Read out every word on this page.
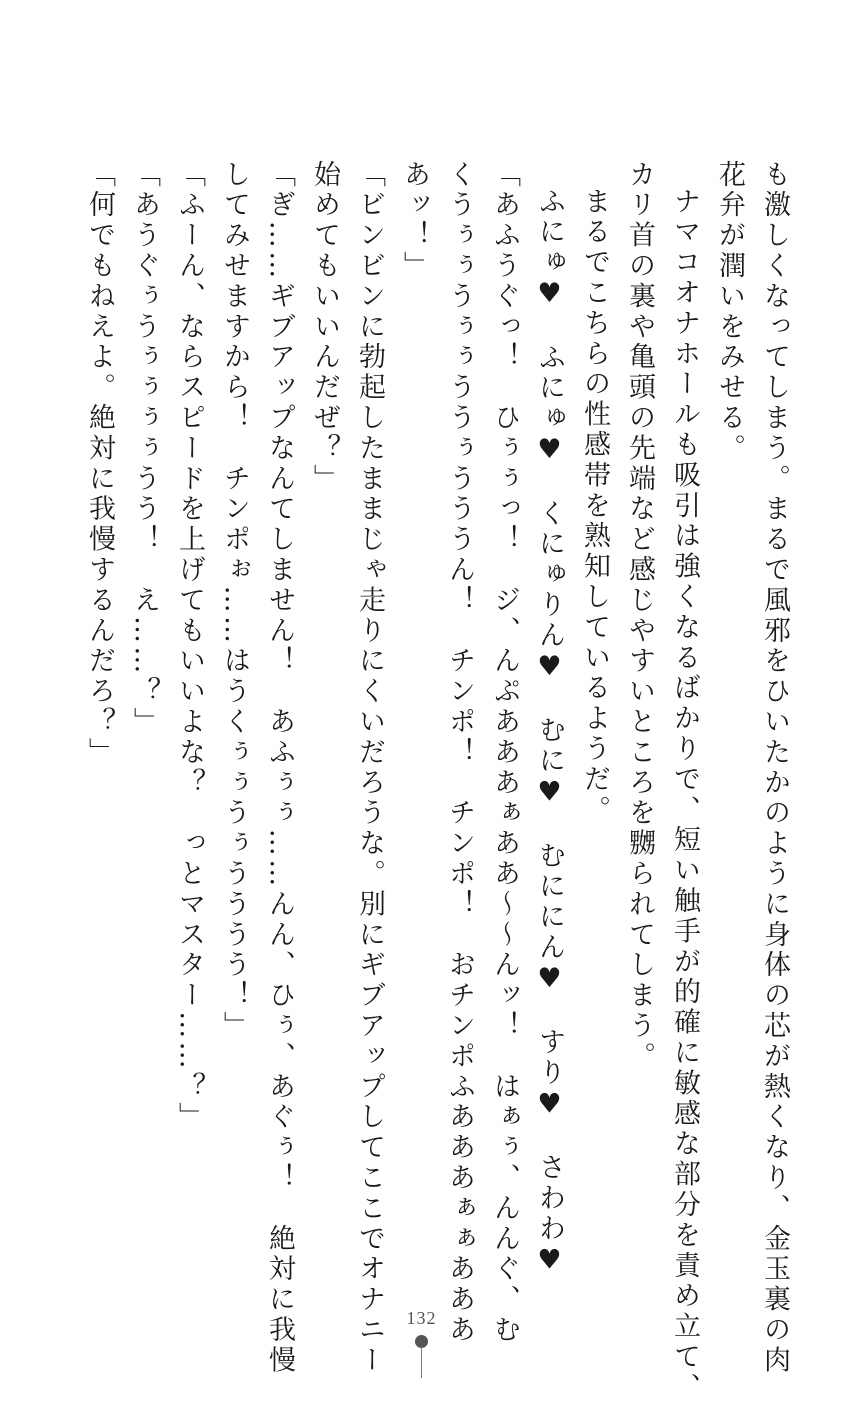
も激しくなってしまう。まるで風邪をひいたかのように身体の芯が熱くなり、金玉裏の肉
花弁が潤いをみせる。
ナマコオナホールも吸引は強くなるばかりで、短い触手が的確に敏感な部分を責め立て、
カリ首の裏や亀頭の先端など感じやすいところを嬲られてしまう。
まるでこちらの性感帯を熟知しているようだ。
ふにゅ♥　ふにゅ♥　くにゅりん♥　むに♥　むににん♥　すり♥　さわわ♥
「あふうぐっ！　ひぅぅっ！　ジ、んぷあああぁああ〜〜んッ！　はぁぅ、んんぐ、む
くうぅぅうぅぅううぅうううん！　チンポ！　チンポ！　おチンポふあああぁぁあああ
あッ！」
「ビンビンに勃起したままじゃ走りにくいだろうな。別にギブアップしてここでオナニー
始めてもいいんだぜ？」
「ぎ……ギブアップなんてしません！　あふぅぅ……んん、ひぅ、あぐぅ！　絶対に我慢
してみせますから！　チンポぉ……はうくぅぅうぅうううう！」
「ふーん、ならスピードを上げてもいいよな？　っとマスター……？」
「あうぐぅうぅぅぅぅうう！　え……？」
「何でもねえよ。絶対に我慢するんだろ？」
132
